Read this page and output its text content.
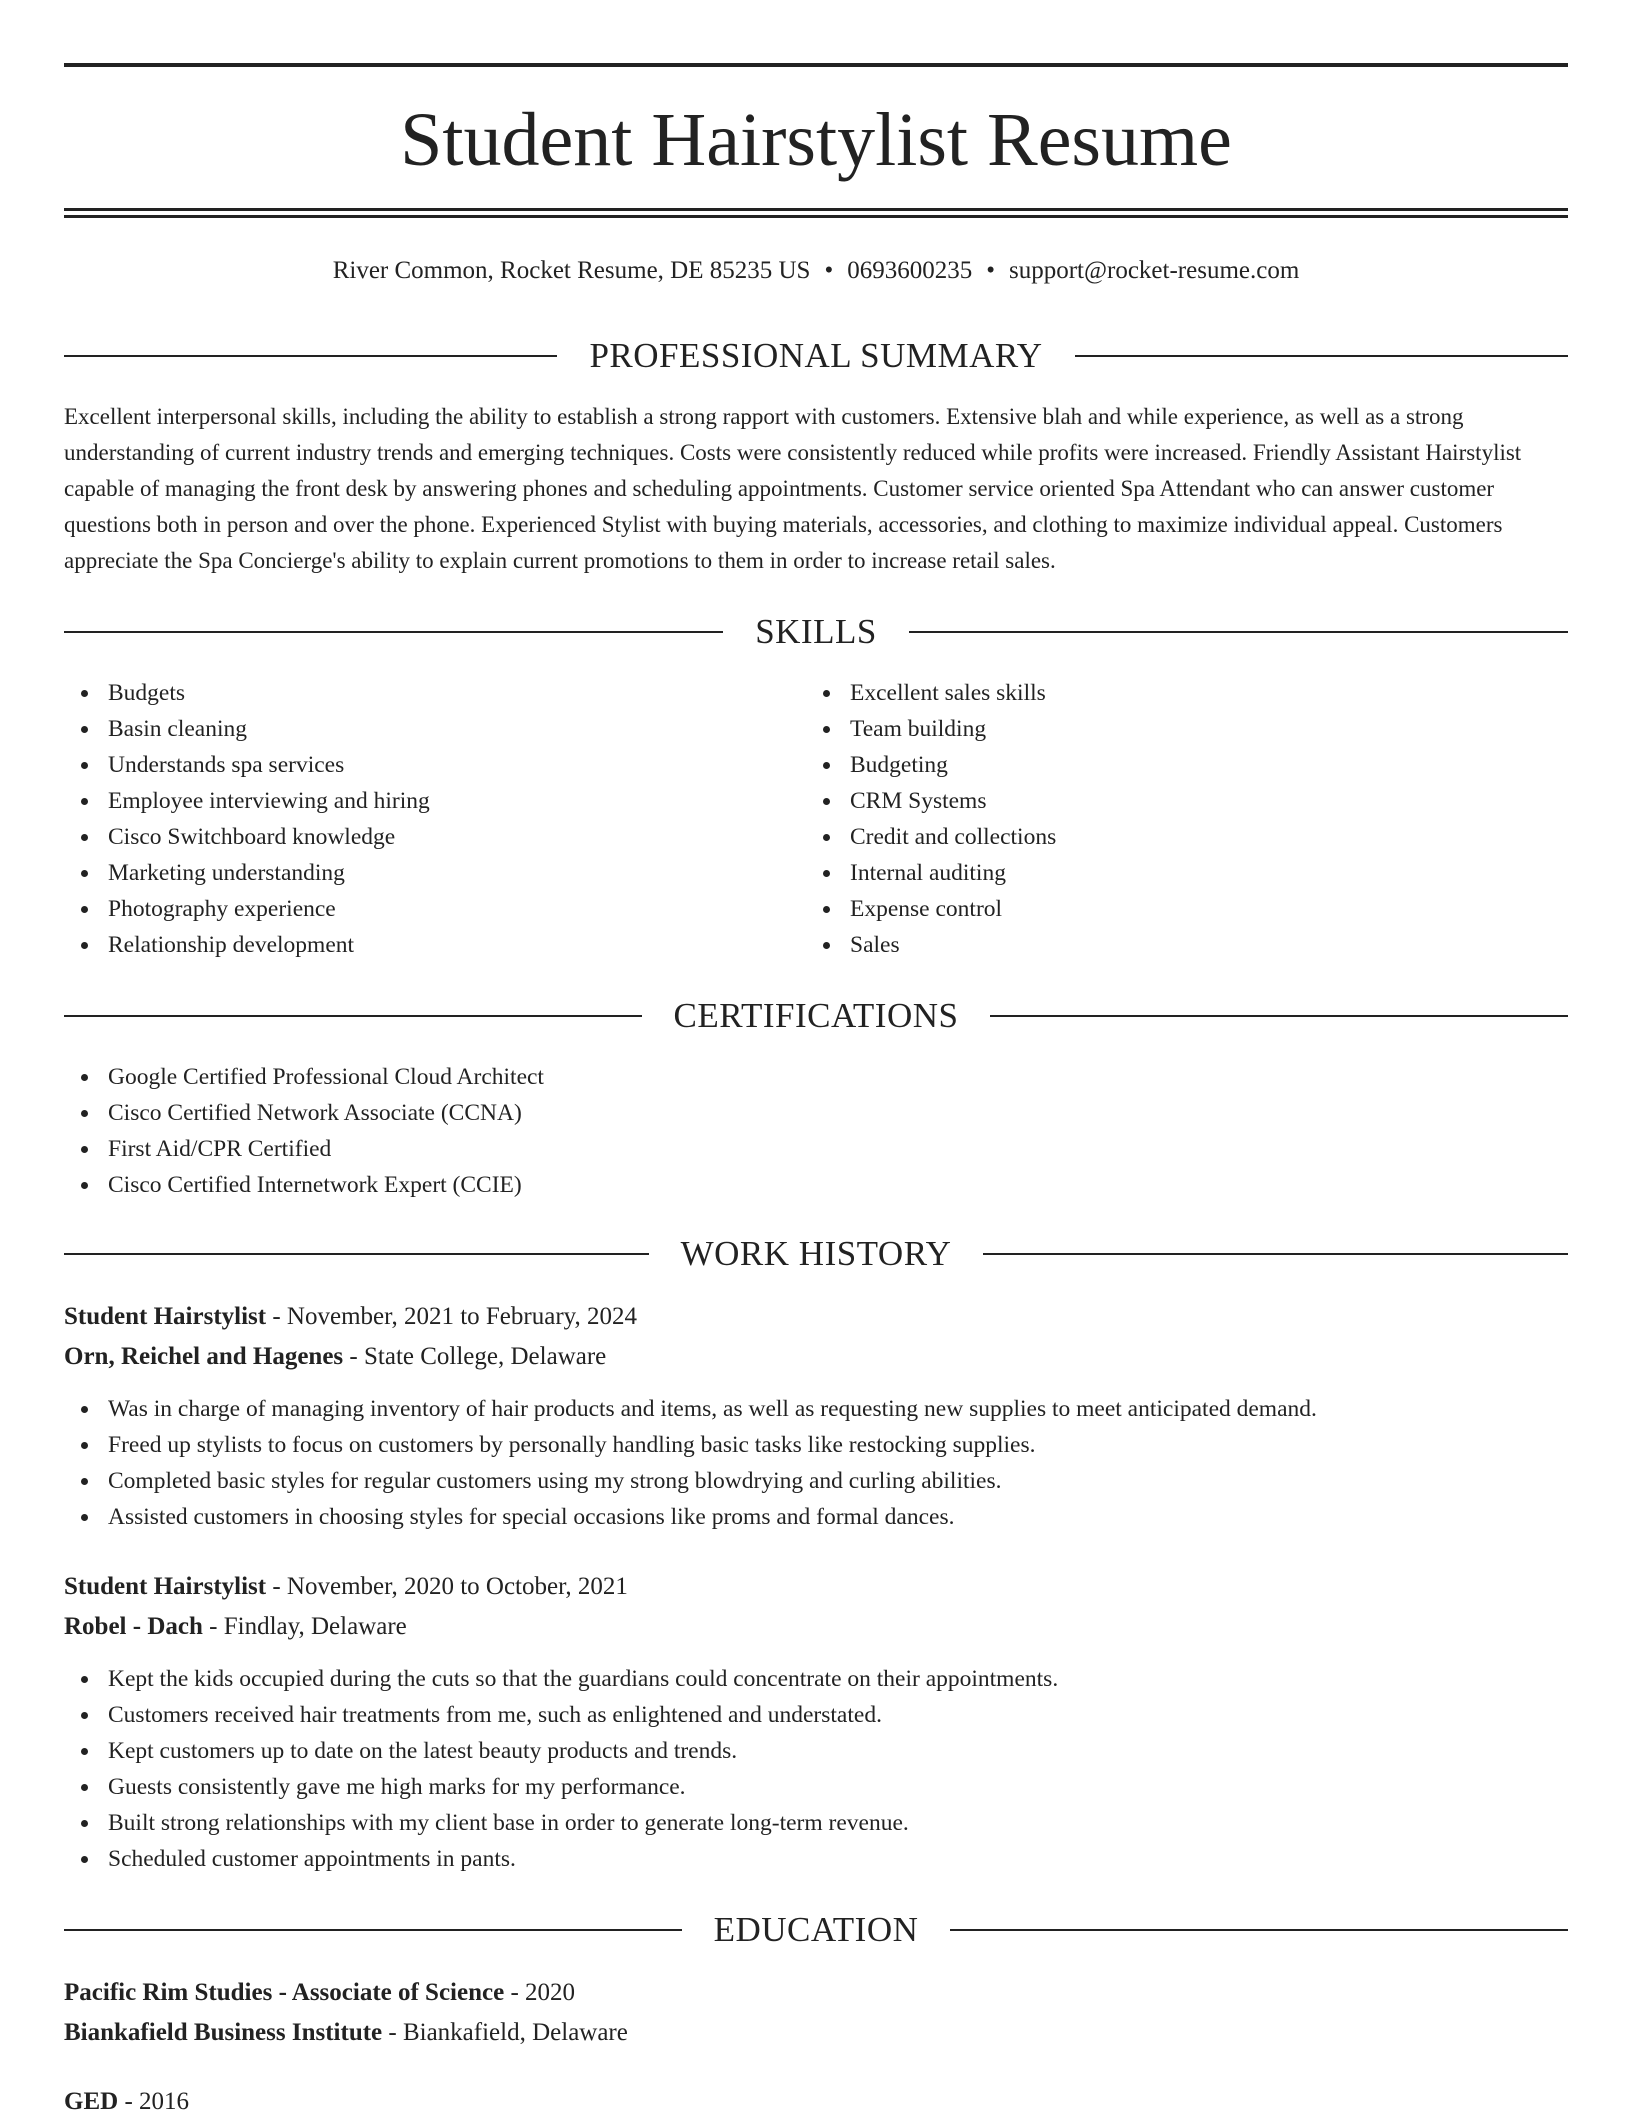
Student Hairstylist Resume
River Common, Rocket Resume, DE 85235 US • 0693600235 • support@rocket-resume.com
PROFESSIONAL SUMMARY

Excellent interpersonal skills, including the ability to establish a strong rapport with customers. Extensive blah and while experience, as well as a strong understanding of current industry trends and emerging techniques. Costs were consistently reduced while profits were increased. Friendly Assistant Hairstylist capable of managing the front desk by answering phones and scheduling appointments. Customer service oriented Spa Attendant who can answer customer questions both in person and over the phone. Experienced Stylist with buying materials, accessories, and clothing to maximize individual appeal. Customers appreciate the Spa Concierge's ability to explain current promotions to them in order to increase retail sales.

SKILLS
Budgets
Basin cleaning
Understands spa services
Employee interviewing and hiring
Cisco Switchboard knowledge
Marketing understanding
Photography experience
Relationship development
Excellent sales skills
Team building
Budgeting
CRM Systems
Credit and collections
Internal auditing
Expense control
Sales
CERTIFICATIONS
Google Certified Professional Cloud Architect
Cisco Certified Network Associate (CCNA)
First Aid/CPR Certified
Cisco Certified Internetwork Expert (CCIE)
WORK HISTORY
Student Hairstylist - November, 2021 to February, 2024
Orn, Reichel and Hagenes - State College, Delaware
Was in charge of managing inventory of hair products and items, as well as requesting new supplies to meet anticipated demand.
Freed up stylists to focus on customers by personally handling basic tasks like restocking supplies.
Completed basic styles for regular customers using my strong blowdrying and curling abilities.
Assisted customers in choosing styles for special occasions like proms and formal dances.
Student Hairstylist - November, 2020 to October, 2021
Robel - Dach - Findlay, Delaware
Kept the kids occupied during the cuts so that the guardians could concentrate on their appointments.
Customers received hair treatments from me, such as enlightened and understated.
Kept customers up to date on the latest beauty products and trends.
Guests consistently gave me high marks for my performance.
Built strong relationships with my client base in order to generate long-term revenue.
Scheduled customer appointments in pants.
EDUCATION
Pacific Rim Studies - Associate of Science - 2020
Biankafield Business Institute - Biankafield, Delaware
GED - 2016
